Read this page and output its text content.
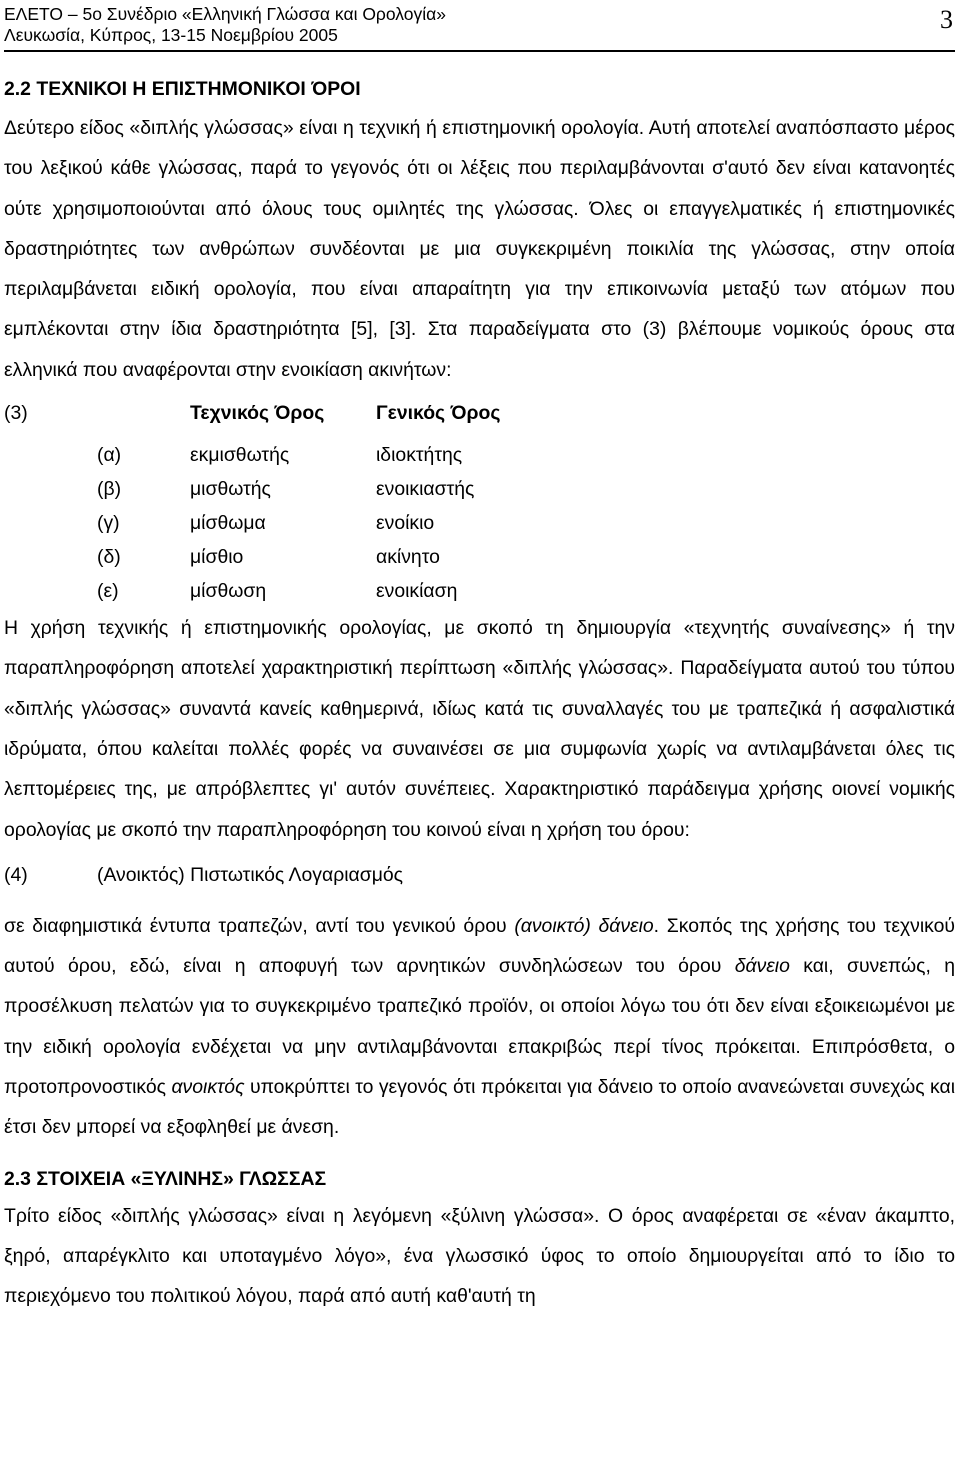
ΕΛΕΤΟ – 5ο Συνέδριο «Ελληνική Γλώσσα και Ορολογία»
Λευκωσία, Κύπρος, 13-15 Νοεμβρίου 2005
3

2.2 ΤΕΧΝΙΚΟΙ Η ΕΠΙΣΤΗΜΟΝΙΚΟΙ ΌΡΟΙ

Δεύτερο είδος «διπλής γλώσσας» είναι η τεχνική ή επιστημονική ορολογία. Αυτή αποτελεί αναπόσπαστο μέρος του λεξικού κάθε γλώσσας, παρά το γεγονός ότι οι λέξεις που περιλαμβάνονται σ'αυτό δεν είναι κατανοητές ούτε χρησιμοποιούνται από όλους τους ομιλητές της γλώσσας. Όλες οι επαγγελματικές ή επιστημονικές δραστηριότητες των ανθρώπων συνδέονται με μια συγκεκριμένη ποικιλία της γλώσσας, στην οποία περιλαμβάνεται ειδική ορολογία, που είναι απαραίτητη για την επικοινωνία μεταξύ των ατόμων που εμπλέκονται στην ίδια δραστηριότητα [5], [3]. Στα παραδείγματα στο (3) βλέπουμε νομικούς όρους στα ελληνικά που αναφέρονται στην ενοικίαση ακινήτων:

(3)	Τεχνικός Όρος	Γενικός Όρος
(α)	εκμισθωτής	ιδιοκτήτης
(β)	μισθωτής	ενοικιαστής
(γ)	μίσθωμα	ενοίκιο
(δ)	μίσθιο	ακίνητο
(ε)	μίσθωση	ενοικίαση

Η χρήση τεχνικής ή επιστημονικής ορολογίας, με σκοπό τη δημιουργία «τεχνητής συναίνεσης» ή την παραπληροφόρηση αποτελεί χαρακτηριστική περίπτωση «διπλής γλώσσας». Παραδείγματα αυτού του τύπου «διπλής γλώσσας» συναντά κανείς καθημερινά, ιδίως κατά τις συναλλαγές του με τραπεζικά ή ασφαλιστικά ιδρύματα, όπου καλείται πολλές φορές να συναινέσει σε μια συμφωνία χωρίς να αντιλαμβάνεται όλες τις λεπτομέρειες της, με απρόβλεπτες γι' αυτόν συνέπειες. Χαρακτηριστικό παράδειγμα χρήσης οιονεί νομικής ορολογίας με σκοπό την παραπληροφόρηση του κοινού είναι η χρήση του όρου:

(4)	(Ανοικτός) Πιστωτικός Λογαριασμός

σε διαφημιστικά έντυπα τραπεζών, αντί του γενικού όρου (ανοικτό) δάνειο. Σκοπός της χρήσης του τεχνικού αυτού όρου, εδώ, είναι η αποφυγή των αρνητικών συνδηλώσεων του όρου δάνειο και, συνεπώς, η προσέλκυση πελατών για το συγκεκριμένο τραπεζικό προϊόν, οι οποίοι λόγω του ότι δεν είναι εξοικειωμένοι με την ειδική ορολογία ενδέχεται να μην αντιλαμβάνονται επακριβώς περί τίνος πρόκειται. Επιπρόσθετα, ο προτοπρονοστικός ανοικτός υποκρύπτει το γεγονός ότι πρόκειται για δάνειο το οποίο ανανεώνεται συνεχώς και έτσι δεν μπορεί να εξοφληθεί με άνεση.

2.3 ΣΤΟΙΧΕΙΑ «ΞΥΛΙΝΗΣ» ΓΛΩΣΣΑΣ

Τρίτο είδος «διπλής γλώσσας» είναι η λεγόμενη «ξύλινη γλώσσα». Ο όρος αναφέρεται σε «έναν άκαμπτο, ξηρό, απαρέγκλιτο και υποταγμένο λόγο», ένα γλωσσικό ύφος το οποίο δημιουργείται από το ίδιο το περιεχόμενο του πολιτικού λόγου, παρά από αυτή καθ'αυτή τη
